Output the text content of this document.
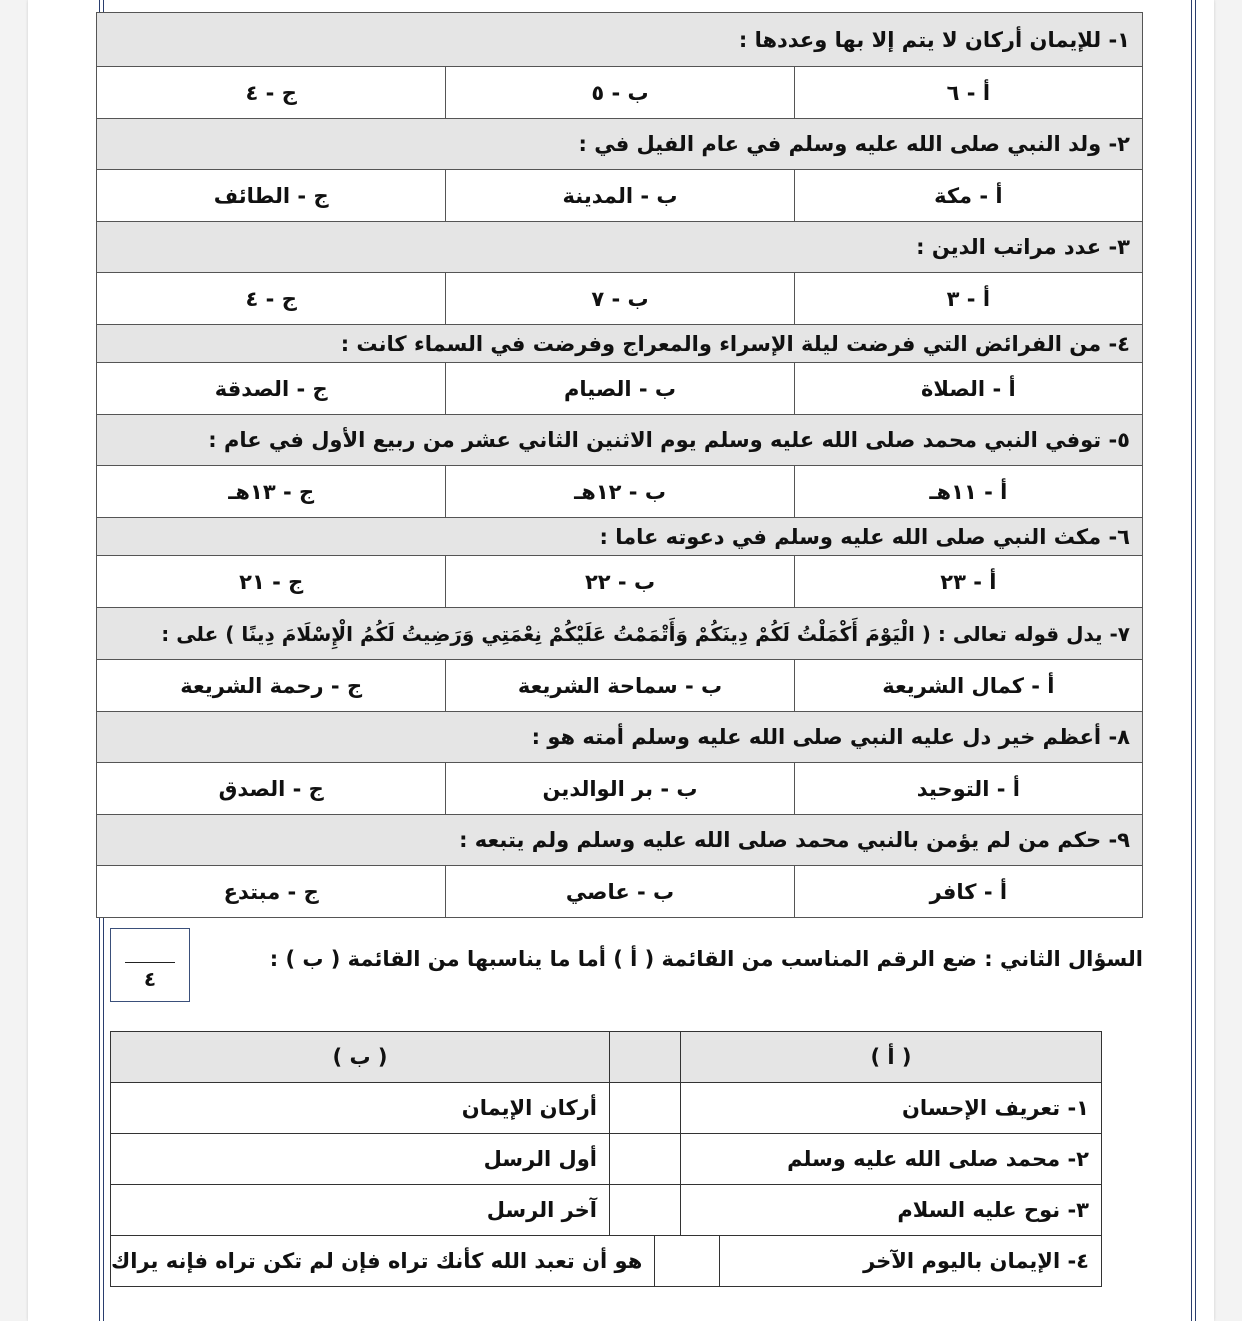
١- للإيمان أركان لا يتم إلا بها وعددها :
أ - ٦
ب - ٥
ج - ٤
٢- ولد النبي صلى الله عليه وسلم في عام الفيل في :
أ - مكة
ب - المدينة
ج - الطائف
٣- عدد مراتب الدين :
أ - ٣
ب - ٧
ج - ٤
٤- من الفرائض التي فرضت ليلة الإسراء والمعراج وفرضت في السماء كانت :
أ - الصلاة
ب - الصيام
ج - الصدقة
٥- توفي النبي محمد صلى الله عليه وسلم يوم الاثنين الثاني عشر من ربيع الأول في عام :
أ - ١١هـ
ب - ١٢هـ
ج - ١٣هـ
٦- مكث النبي صلى الله عليه وسلم في دعوته عاما :
أ - ٢٣
ب - ٢٢
ج - ٢١
٧- يدل قوله تعالى : ( الْيَوْمَ أَكْمَلْتُ لَكُمْ دِينَكُمْ وَأَتْمَمْتُ عَلَيْكُمْ نِعْمَتِي وَرَضِيتُ لَكُمُ الْإِسْلَامَ دِينًا ) على :
أ - كمال الشريعة
ب - سماحة الشريعة
ج - رحمة الشريعة
٨- أعظم خير دل عليه النبي صلى الله عليه وسلم أمته هو :
أ - التوحيد
ب - بر الوالدين
ج - الصدق
٩- حكم من لم يؤمن بالنبي محمد صلى الله عليه وسلم ولم يتبعه :
أ - كافر
ب - عاصي
ج - مبتدع
٤
السؤال الثاني : ضع الرقم المناسب من القائمة ( أ ) أما ما يناسبها من القائمة ( ب ) :
( أ )
( ب )
١- تعريف الإحسان
أركان الإيمان
٢- محمد صلى الله عليه وسلم
أول الرسل
٣- نوح عليه السلام
آخر الرسل
٤- الإيمان باليوم الآخر
هو أن تعبد الله كأنك تراه فإن لم تكن تراه فإنه يراك
